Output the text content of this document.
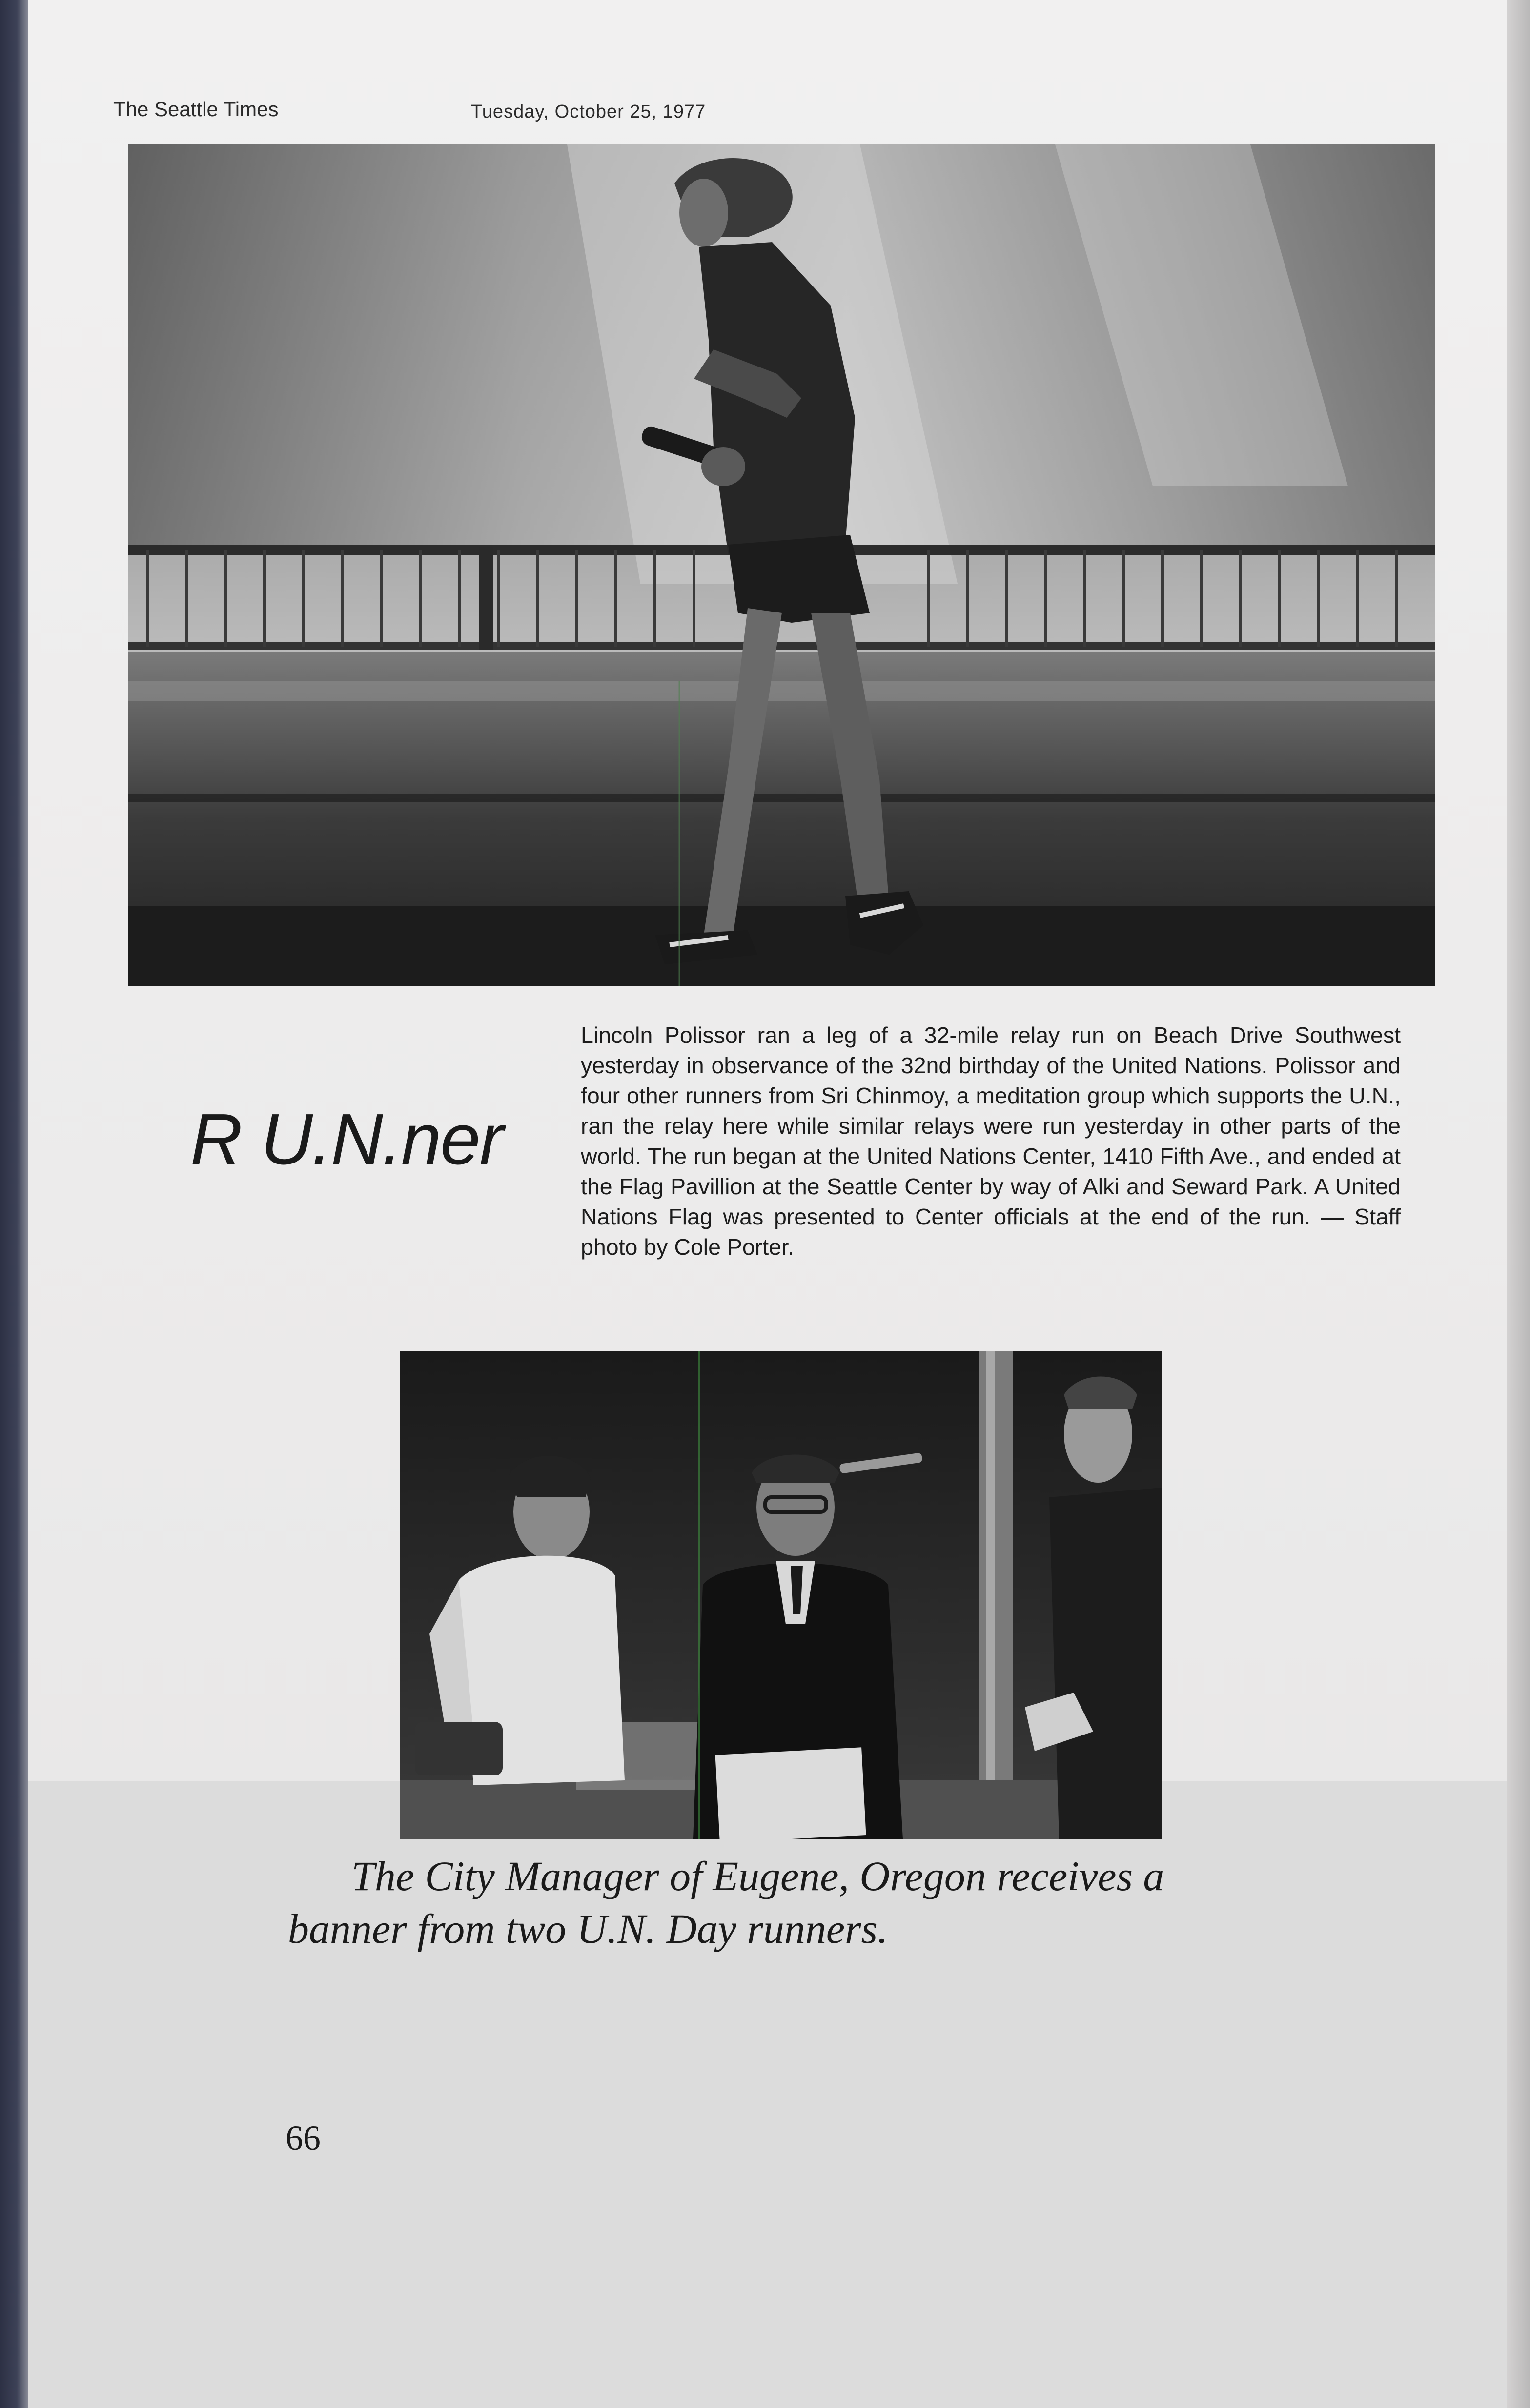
The Seattle Times	Tuesday, October 25, 1977
R U.N.ner
Lincoln Polissor ran a leg of a 32-mile relay run on Beach Drive Southwest yesterday in observance of the 32nd birthday of the United Nations. Polissor and four other runners from Sri Chinmoy, a meditation group which supports the U.N., ran the relay here while similar relays were run yesterday in other parts of the world. The run began at the United Nations Center, 1410 Fifth Ave., and ended at the Flag Pavillion at the Seattle Center by way of Alki and Seward Park. A United Nations Flag was presented to Center officials at the end of the run. — Staff photo by Cole Porter.
The City Manager of Eugene, Oregon receives a
banner from two U.N. Day runners.
66
